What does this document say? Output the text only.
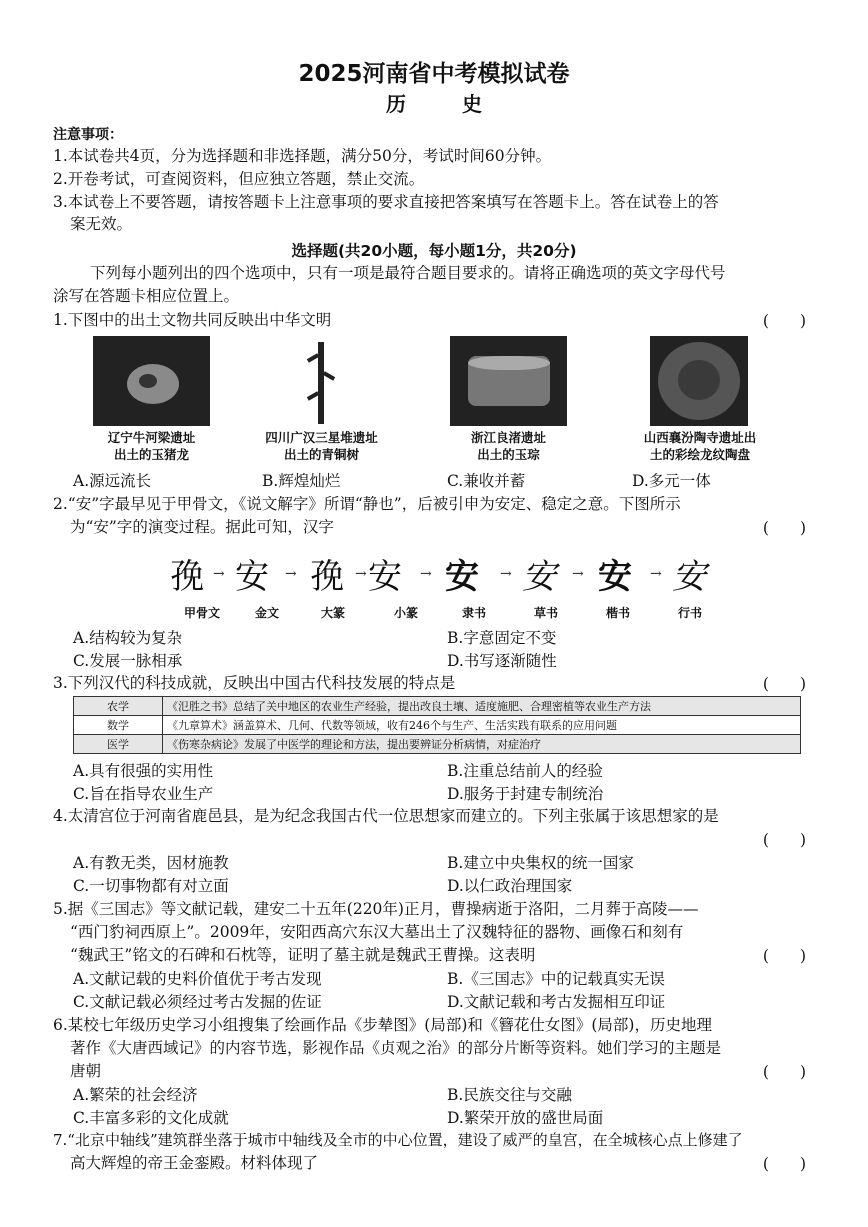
2025河南省中考模拟试卷
历　史
注意事项：
1.本试卷共4页，分为选择题和非选择题，满分50分，考试时间60分钟。
2.开卷考试，可查阅资料，但应独立答题，禁止交流。
3.本试卷上不要答题，请按答题卡上注意事项的要求直接把答案填写在答题卡上。答在试卷上的答
案无效。
选择题(共20小题，每小题1分，共20分)
下列每小题列出的四个选项中，只有一项是最符合题目要求的。请将正确选项的英文字母代号
涂写在答题卡相应位置上。
1.下图中的出土文物共同反映出中华文明	(　　)
辽宁牛河梁遗址
出土的玉猪龙
四川广汉三星堆遗址
出土的青铜树
浙江良渚遗址
出土的玉琮
山西襄汾陶寺遗址出
土的彩绘龙纹陶盘
A.源远流长	B.辉煌灿烂	C.兼收并蓄	D.多元一体
2.“安”字最早见于甲骨文，《说文解字》所谓“静也”，后被引申为安定、稳定之意。下图所示
为“安”字的演变过程。据此可知，汉字	(　　)
㝃 → 安 → 㝃 → 安 → 安 → 安 → 安 → 安
甲骨文	金文	大篆	小篆	隶书	草书	楷书	行书
A.结构较为复杂	B.字意固定不变
C.发展一脉相承	D.书写逐渐随性
3.下列汉代的科技成就，反映出中国古代科技发展的特点是	(　　)
农学	《氾胜之书》总结了关中地区的农业生产经验，提出改良土壤、适度施肥、合理密植等农业生产方法
数学	《九章算术》涵盖算术、几何、代数等领域，收有246个与生产、生活实践有联系的应用问题
医学	《伤寒杂病论》发展了中医学的理论和方法，提出要辨证分析病情，对症治疗
A.具有很强的实用性	B.注重总结前人的经验
C.旨在指导农业生产	D.服务于封建专制统治
4.太清宫位于河南省鹿邑县，是为纪念我国古代一位思想家而建立的。下列主张属于该思想家的是
(　　)
A.有教无类，因材施教	B.建立中央集权的统一国家
C.一切事物都有对立面	D.以仁政治理国家
5.据《三国志》等文献记载，建安二十五年(220年)正月，曹操病逝于洛阳，二月葬于高陵——
“西门豹祠西原上”。2009年，安阳西高穴东汉大墓出土了汉魏特征的器物、画像石和刻有
“魏武王”铭文的石碑和石枕等，证明了墓主就是魏武王曹操。这表明	(　　)
A.文献记载的史料价值优于考古发现	B.《三国志》中的记载真实无误
C.文献记载必须经过考古发掘的佐证	D.文献记载和考古发掘相互印证
6.某校七年级历史学习小组搜集了绘画作品《步辇图》(局部)和《簪花仕女图》(局部)，历史地理
著作《大唐西域记》的内容节选，影视作品《贞观之治》的部分片断等资料。她们学习的主题是
唐朝	(　　)
A.繁荣的社会经济	B.民族交往与交融
C.丰富多彩的文化成就	D.繁荣开放的盛世局面
7.“北京中轴线”建筑群坐落于城市中轴线及全市的中心位置，建设了威严的皇宫，在全城核心点上修建了
高大辉煌的帝王金銮殿。材料体现了	(　　)
